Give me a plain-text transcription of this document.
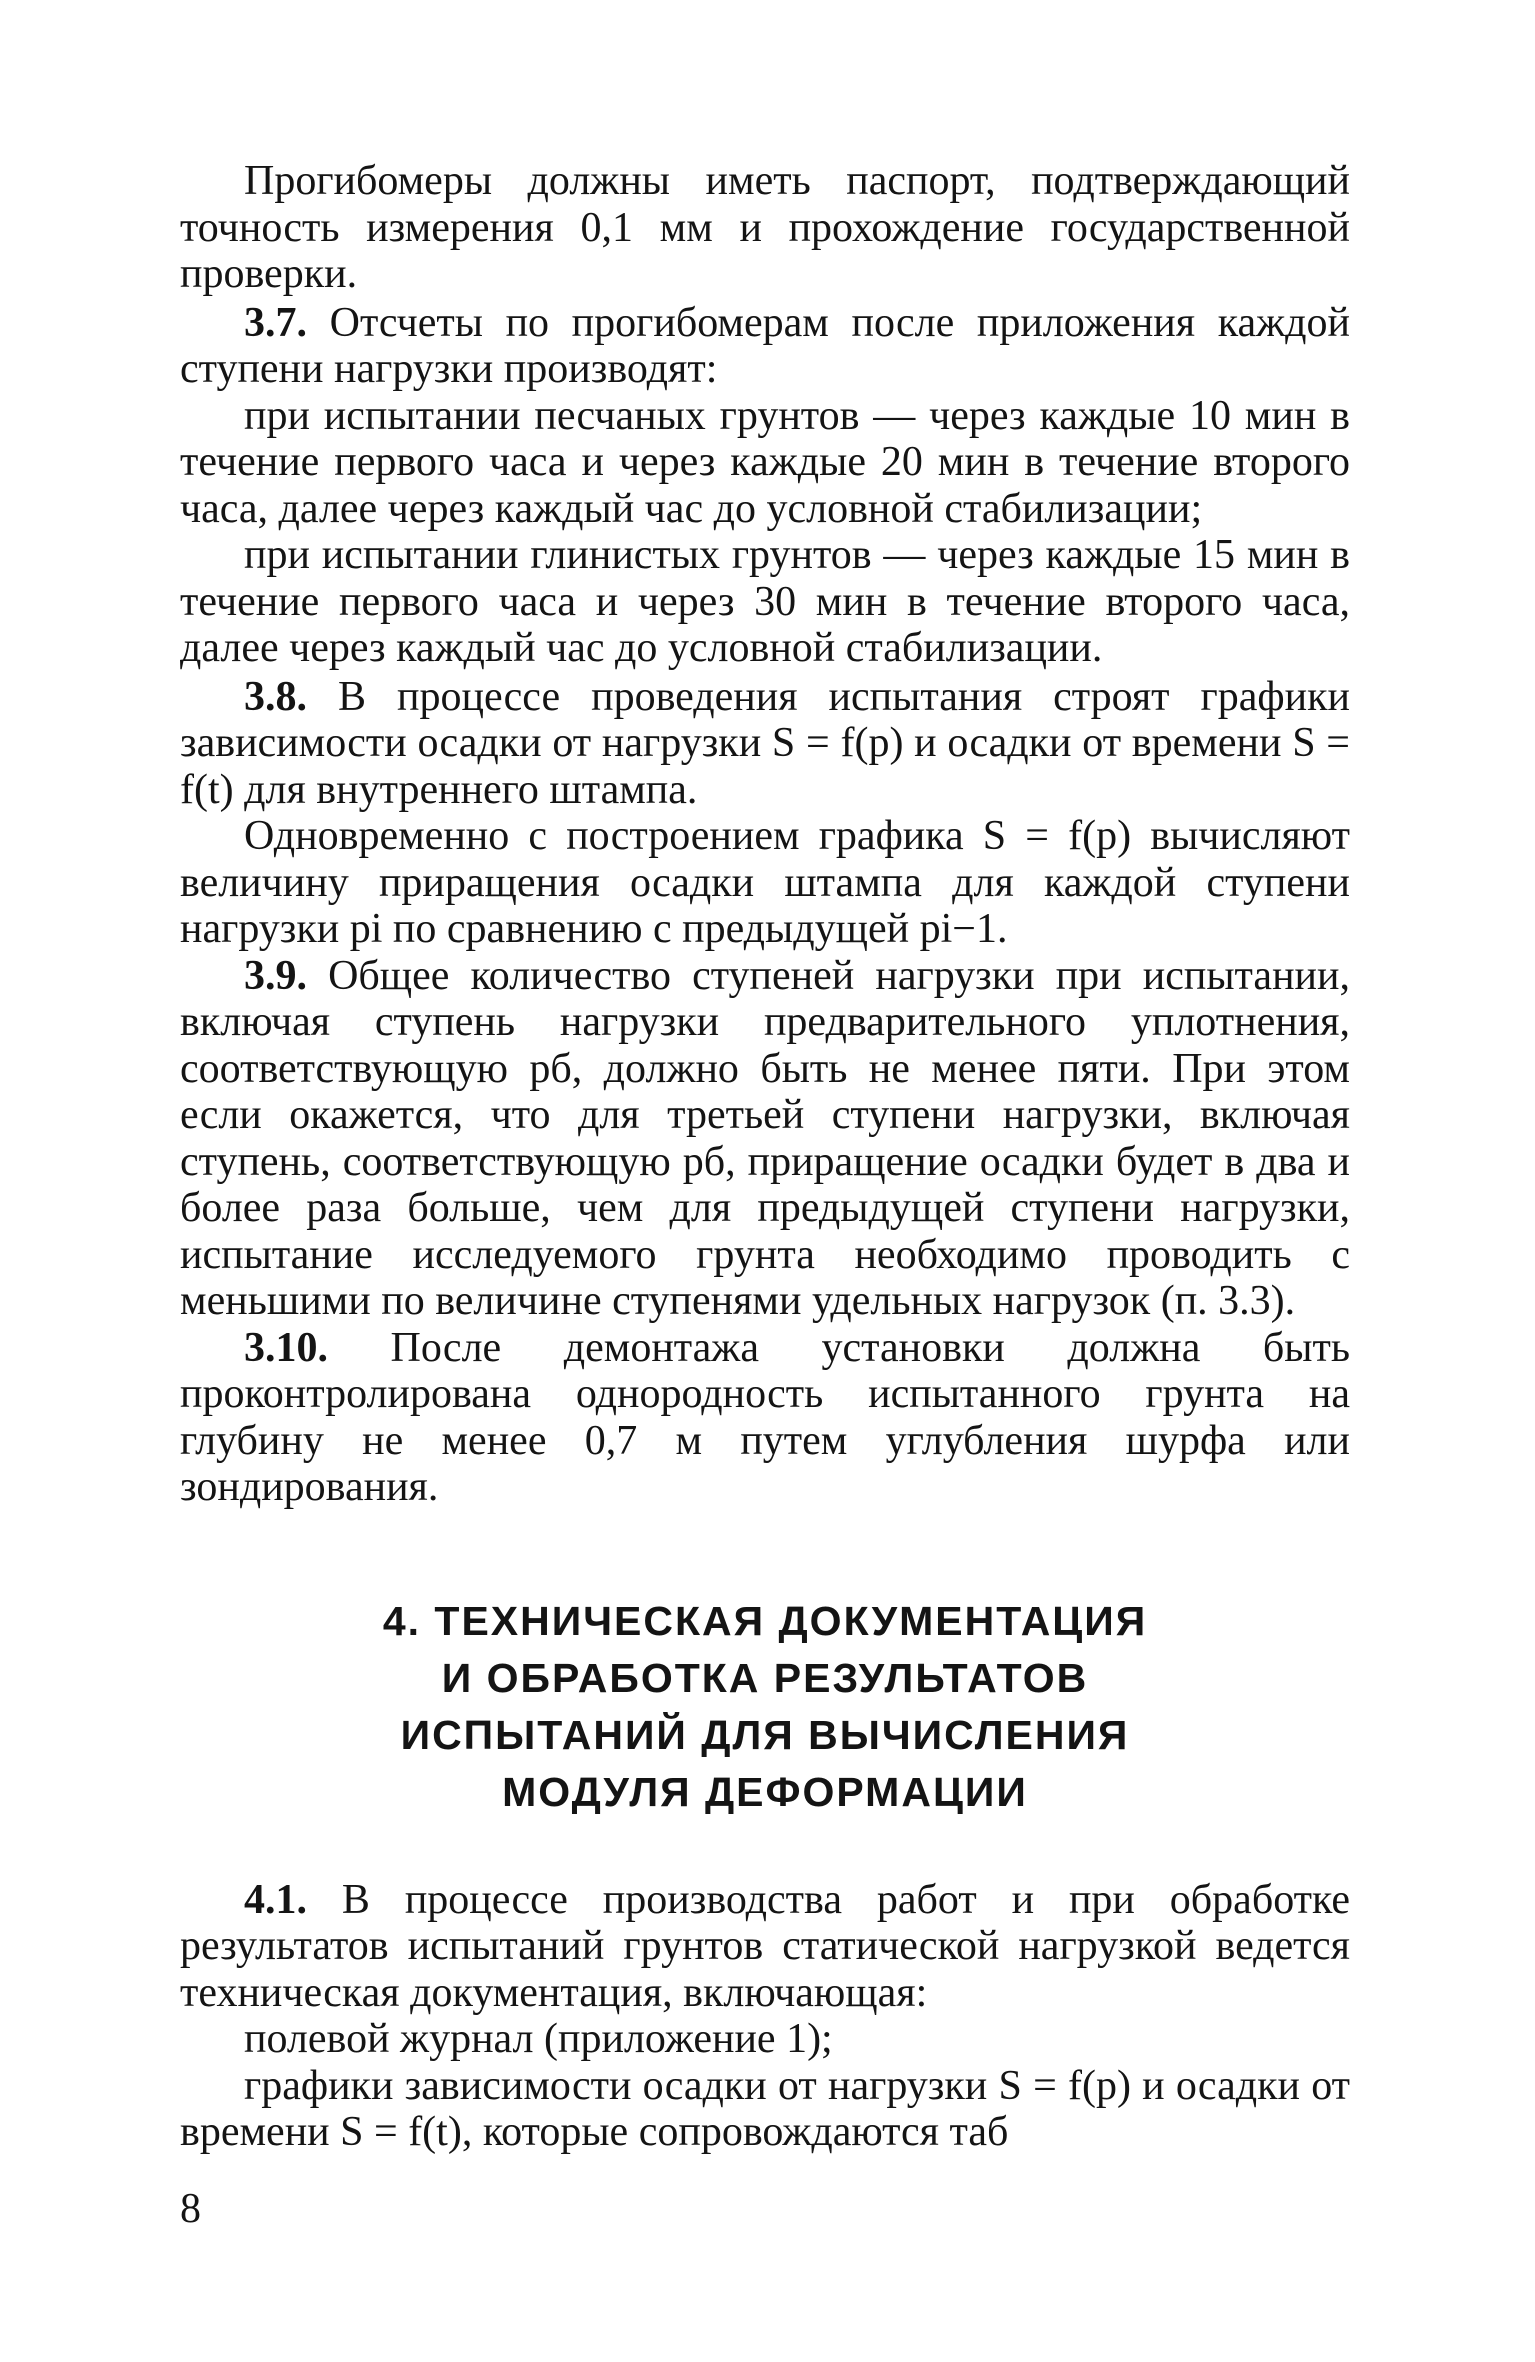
Прогибомеры должны иметь паспорт, подтверждающий точность измерения 0,1 мм и прохождение государственной проверки.

3.7. Отсчеты по прогибомерам после приложения каждой ступени нагрузки производят:

при испытании песчаных грунтов — через каждые 10 мин в течение первого часа и через каждые 20 мин в течение второго часа, далее через каждый час до условной стабилизации;

при испытании глинистых грунтов — через каждые 15 мин в течение первого часа и через 30 мин в течение второго часа, далее через каждый час до условной стабилизации.

3.8. В процессе проведения испытания строят графики зависимости осадки от нагрузки S = f(p) и осадки от времени S = f(t) для внутреннего штампа.

Одновременно с построением графика S = f(p) вычисляют величину приращения осадки штампа для каждой ступени нагрузки pi по сравнению с предыдущей pi−1.

3.9. Общее количество ступеней нагрузки при испытании, включая ступень нагрузки предварительного уплотнения, соответствующую pб, должно быть не менее пяти. При этом если окажется, что для третьей ступени нагрузки, включая ступень, соответствующую pб, приращение осадки будет в два и более раза больше, чем для предыдущей ступени нагрузки, испытание исследуемого грунта необходимо проводить с меньшими по величине ступенями удельных нагрузок (п. 3.3).

3.10. После демонтажа установки должна быть проконтролирована однородность испытанного грунта на глубину не менее 0,7 м путем углубления шурфа или зондирования.

4. ТЕХНИЧЕСКАЯ ДОКУМЕНТАЦИЯ
И ОБРАБОТКА РЕЗУЛЬТАТОВ
ИСПЫТАНИЙ ДЛЯ ВЫЧИСЛЕНИЯ
МОДУЛЯ ДЕФОРМАЦИИ

4.1. В процессе производства работ и при обработке результатов испытаний грунтов статической нагрузкой ведется техническая документация, включающая:

полевой журнал (приложение 1);

графики зависимости осадки от нагрузки S = f(p) и осадки от времени S = f(t), которые сопровождаются таб

8
